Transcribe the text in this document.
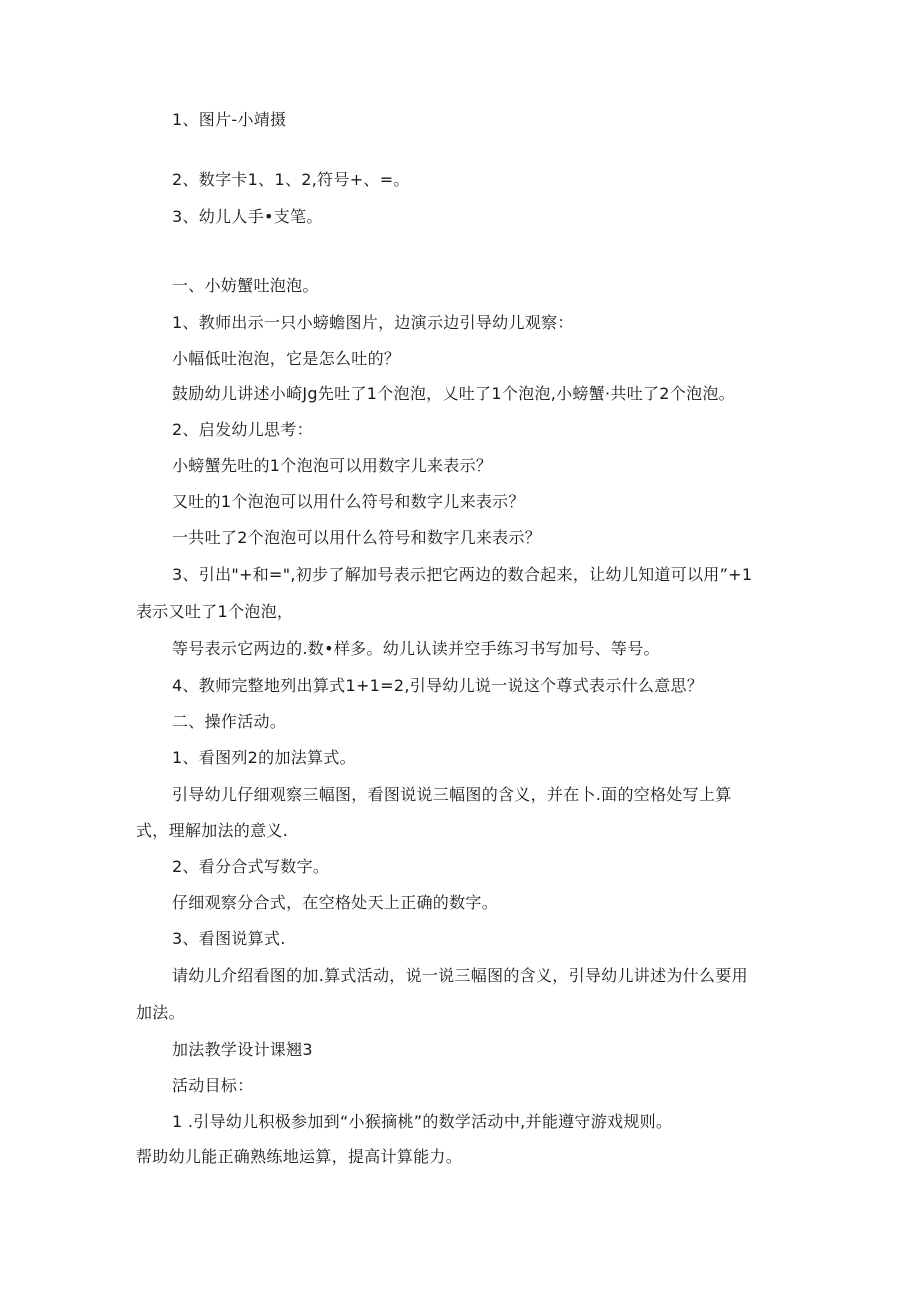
1、图片-小靖摄
2、数字卡1、1、2,符号+、=。
3、幼儿人手•支笔。
一、小妨蟹吐泡泡。
1、教师出示一只小螃蟾图片，边演示边引导幼儿观察：
小幅低吐泡泡，它是怎么吐的？
鼓励幼儿讲述小崎Jg先吐了1个泡泡，乂吐了1个泡泡,小螃蟹·共吐了2个泡泡。
2、启发幼儿思考：
小螃蟹先吐的1个泡泡可以用数字儿来表示？
又吐的1个泡泡可以用什么符号和数字儿来表示？
一共吐了2个泡泡可以用什么符号和数字几来表示？
3、引出"+和=",初步了解加号表示把它两边的数合起来，让幼儿知道可以用”+1
表示又吐了1个泡泡，
等号表示它两边的.数•样多。幼儿认读并空手练习书写加号、等号。
4、教师完整地列出算式1+1=2,引导幼儿说一说这个尊式表示什么意思？
二、操作活动。
1、看图列2的加法算式。
引导幼儿仔细观察三幅图，看图说说三幅图的含义，并在卜.面的空格处写上算
式，理解加法的意义.
2、看分合式写数字。
仔细观察分合式，在空格处天上正确的数字。
3、看图说算式.
请幼儿介绍看图的加.算式活动，说一说三幅图的含义，引导幼儿讲述为什么要用
加法。
加法教学设计课翘3
活动目标：
1 .引导幼儿积极参加到“小猴摘桃”的数学活动中,并能遵守游戏规则。
帮助幼儿能正确熟练地运算，提高计算能力。
